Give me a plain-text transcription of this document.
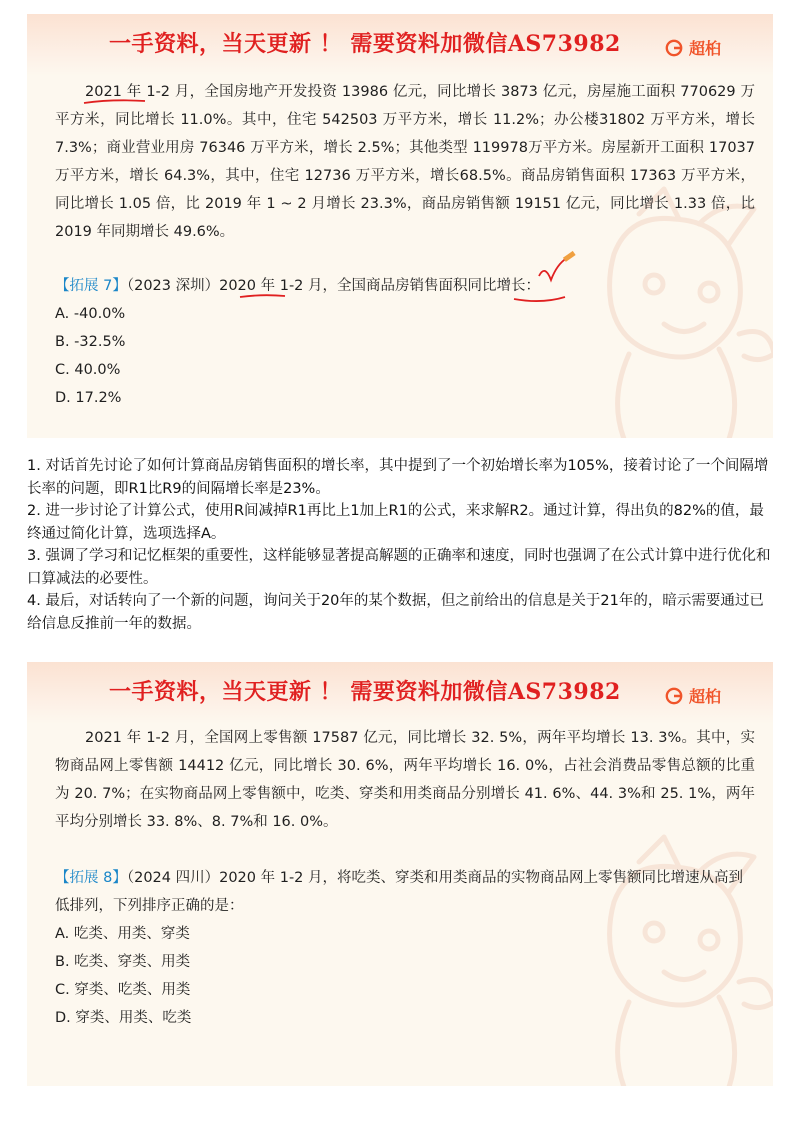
一手资料，当天更新 ！ 需要资料加微信AS73982	超桕

2021 年 1-2 月，全国房地产开发投资 13986 亿元，同比增长 3873 亿元，房屋施工面积 770629 万平方米，同比增长 11.0%。其中，住宅 542503 万平方米，增长 11.2%；办公楼31802 万平方米，增长 7.3%；商业营业用房 76346 万平方米，增长 2.5%；其他类型 119978万平方米。房屋新开工面积 17037 万平方米，增长 64.3%，其中，住宅 12736 万平方米，增长68.5%。商品房销售面积 17363 万平方米，同比增长 1.05 倍，比 2019 年 1 ~ 2 月增长 23.3%，商品房销售额 19151 亿元，同比增长 1.33 倍，比 2019 年同期增长 49.6%。

【拓展 7】（2023 深圳）2020 年 1-2 月，全国商品房销售面积同比增长：
A. -40.0%
B. -32.5%
C. 40.0%
D. 17.2%
1. 对话首先讨论了如何计算商品房销售面积的增长率，其中提到了一个初始增长率为105%，接着讨论了一个间隔增长率的问题，即R1比R9的间隔增长率是23%。
2. 进一步讨论了计算公式，使用R间减掉R1再比上1加上R1的公式，来求解R2。通过计算，得出负的82%的值，最终通过简化计算，选项选择A。
3. 强调了学习和记忆框架的重要性，这样能够显著提高解题的正确率和速度，同时也强调了在公式计算中进行优化和口算减法的必要性。
4. 最后，对话转向了一个新的问题，询问关于20年的某个数据，但之前给出的信息是关于21年的，暗示需要通过已给信息反推前一年的数据。
一手资料，当天更新 ！ 需要资料加微信AS73982	超桕

2021 年 1-2 月，全国网上零售额 17587 亿元，同比增长 32. 5%，两年平均增长 13. 3%。其中，实物商品网上零售额 14412 亿元，同比增长 30. 6%，两年平均增长 16. 0%，占社会消费品零售总额的比重为 20. 7%；在实物商品网上零售额中，吃类、穿类和用类商品分别增长 41. 6%、44. 3%和 25. 1%，两年平均分别增长 33. 8%、8. 7%和 16. 0%。

【拓展 8】（2024 四川）2020 年 1-2 月，将吃类、穿类和用类商品的实物商品网上零售额同比增速从高到低排列，下列排序正确的是：
A. 吃类、用类、穿类
B. 吃类、穿类、用类
C. 穿类、吃类、用类
D. 穿类、用类、吃类
